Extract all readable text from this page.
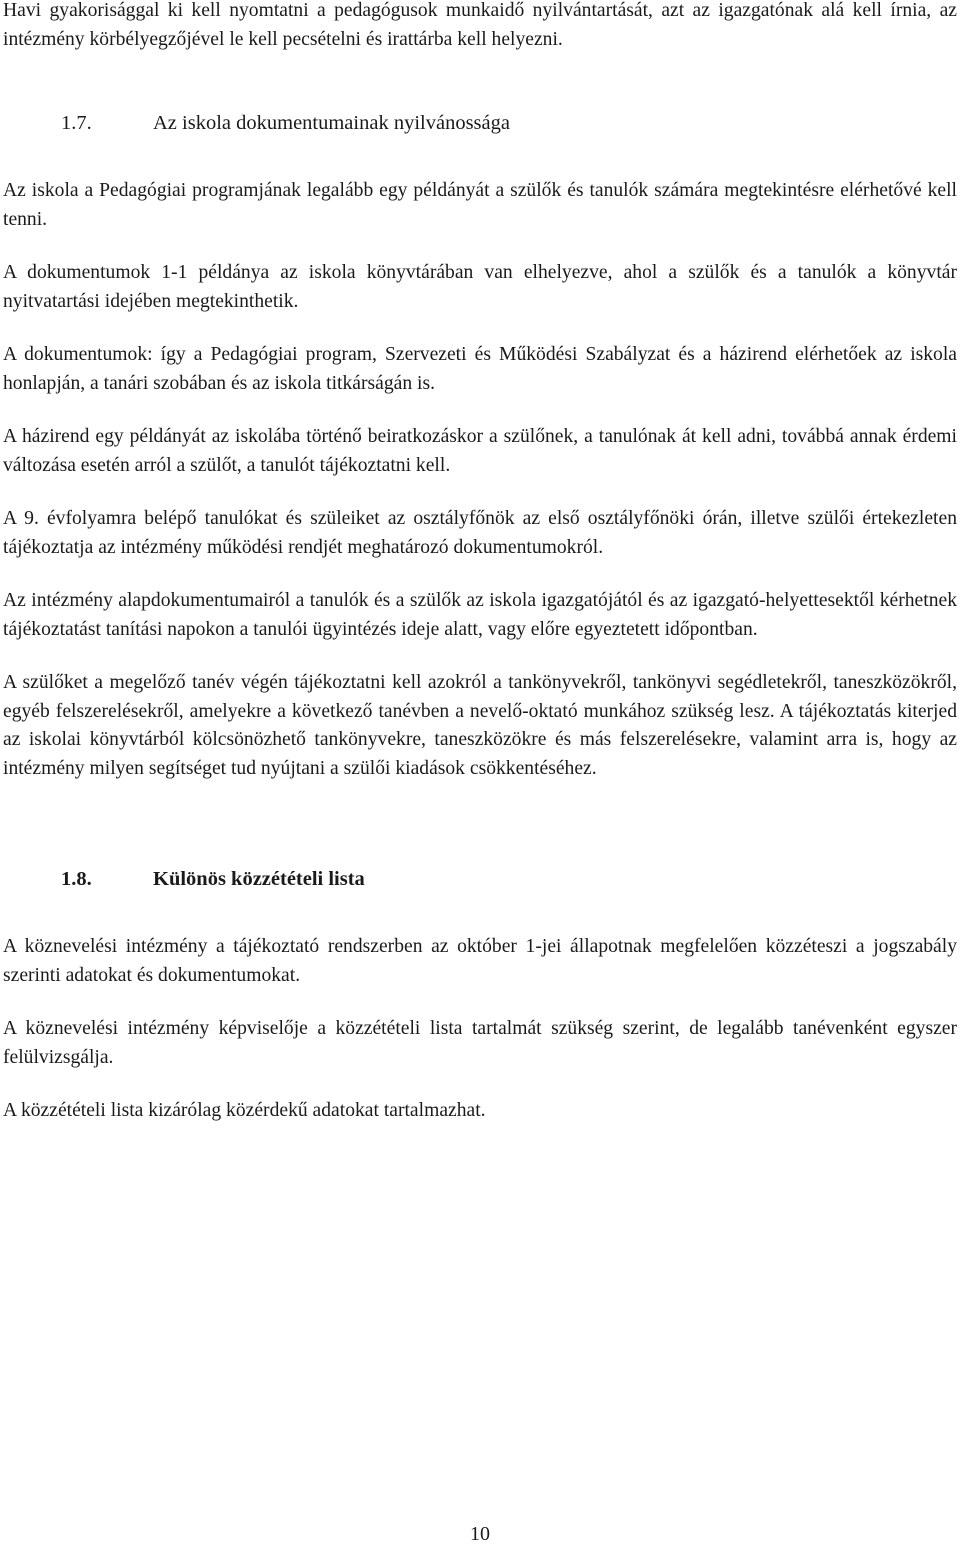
Havi gyakorisággal ki kell nyomtatni a pedagógusok munkaidő nyilvántartását, azt az igazgatónak alá kell írnia, az intézmény körbélyegzőjével le kell pecsételni és irattárba kell helyezni.

1.7.	Az iskola dokumentumainak nyilvánossága

Az iskola a Pedagógiai programjának legalább egy példányát a szülők és tanulók számára megtekintésre elérhetővé kell tenni.

A dokumentumok 1-1 példánya az iskola könyvtárában van elhelyezve, ahol a szülők és a tanulók a könyvtár nyitvatartási idejében megtekinthetik.

A dokumentumok: így a Pedagógiai program, Szervezeti és Működési Szabályzat és a házirend elérhetőek az iskola honlapján, a tanári szobában és az iskola titkárságán is.

A házirend egy példányát az iskolába történő beiratkozáskor a szülőnek, a tanulónak át kell adni, továbbá annak érdemi változása esetén arról a szülőt, a tanulót tájékoztatni kell.

A 9. évfolyamra belépő tanulókat és szüleiket az osztályfőnök az első osztályfőnöki órán, illetve szülői értekezleten tájékoztatja az intézmény működési rendjét meghatározó dokumentumokról.

Az intézmény alapdokumentumairól a tanulók és a szülők az iskola igazgatójától és az igazgató-helyettesektől kérhetnek tájékoztatást tanítási napokon a tanulói ügyintézés ideje alatt, vagy előre egyeztetett időpontban.

A szülőket a megelőző tanév végén tájékoztatni kell azokról a tankönyvekről, tankönyvi segédletekről, taneszközökről, egyéb felszerelésekről, amelyekre a következő tanévben a nevelő-oktató munkához szükség lesz. A tájékoztatás kiterjed az iskolai könyvtárból kölcsönözhető tankönyvekre, taneszközökre és más felszerelésekre, valamint arra is, hogy az intézmény milyen segítséget tud nyújtani a szülői kiadások csökkentéséhez.

1.8.	Különös közzétételi lista

A köznevelési intézmény a tájékoztató rendszerben az október 1-jei állapotnak megfelelően közzéteszi a jogszabály szerinti adatokat és dokumentumokat.

A köznevelési intézmény képviselője a közzétételi lista tartalmát szükség szerint, de legalább tanévenként egyszer felülvizsgálja.

A közzétételi lista kizárólag közérdekű adatokat tartalmazhat.

10
